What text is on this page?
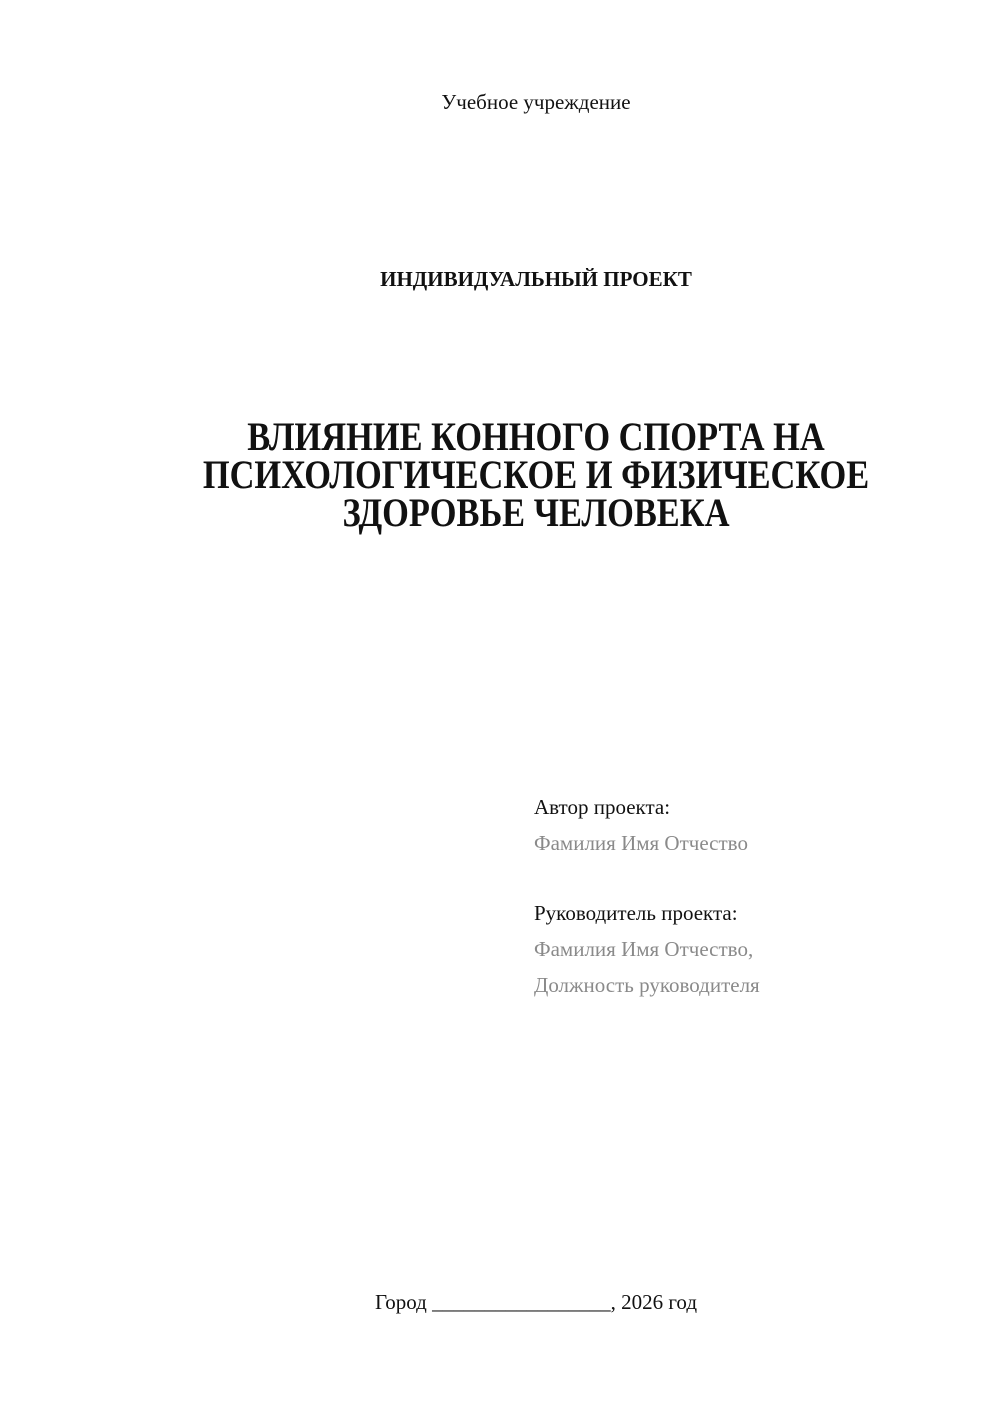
Учебное учреждение
ИНДИВИДУАЛЬНЫЙ ПРОЕКТ
ВЛИЯНИЕ КОННОГО СПОРТА НА
ПСИХОЛОГИЧЕСКОЕ И ФИЗИЧЕСКОЕ
ЗДОРОВЬЕ ЧЕЛОВЕКА
Автор проекта:
Фамилия Имя Отчество
Руководитель проекта:
Фамилия Имя Отчество,
Должность руководителя
Город _________________, 2026 год
